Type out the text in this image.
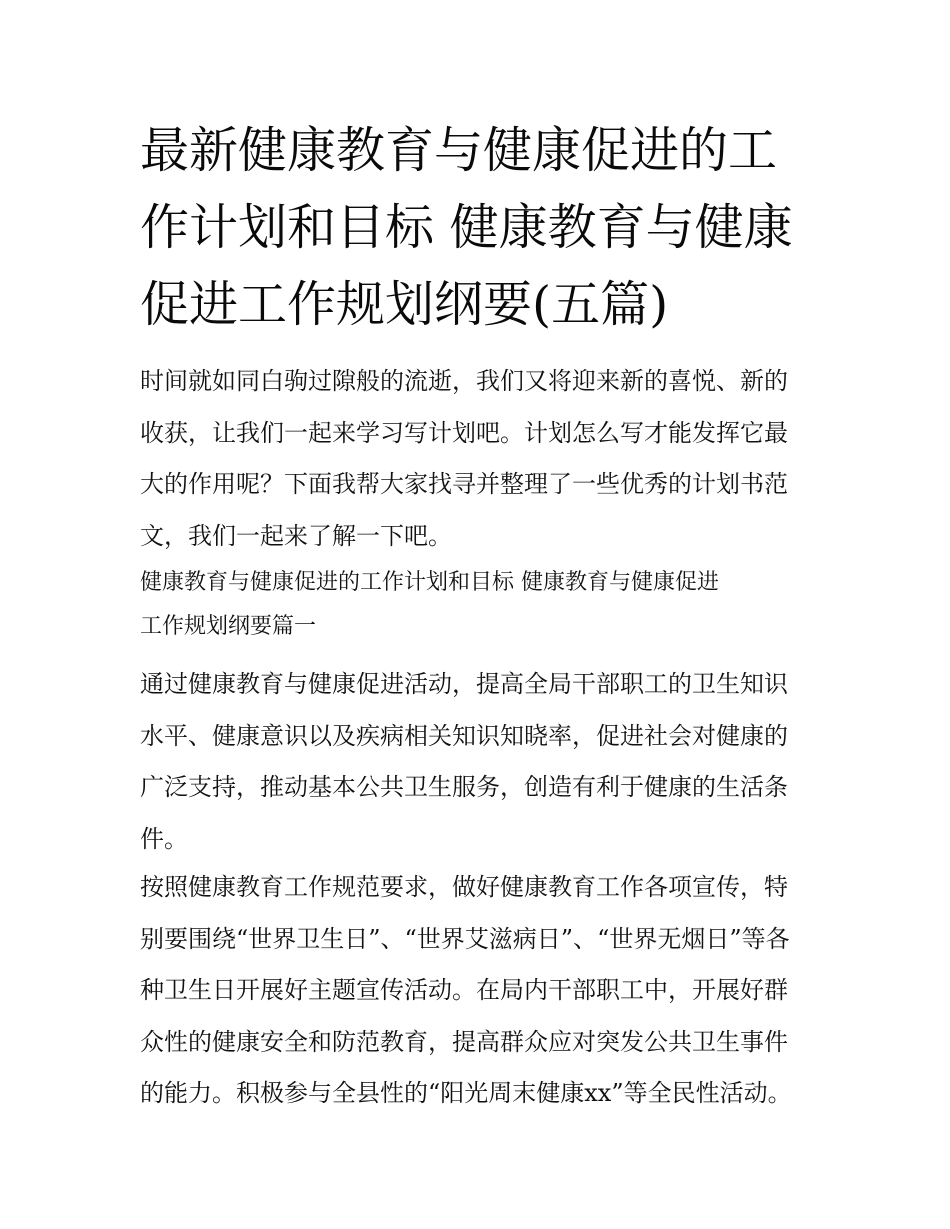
最新健康教育与健康促进的工
作计划和目标 健康教育与健康
促进工作规划纲要(五篇)

时间就如同白驹过隙般的流逝，我们又将迎来新的喜悦、新的
收获，让我们一起来学习写计划吧。计划怎么写才能发挥它最
大的作用呢？下面我帮大家找寻并整理了一些优秀的计划书范
文，我们一起来了解一下吧。

健康教育与健康促进的工作计划和目标 健康教育与健康促进
工作规划纲要篇一

通过健康教育与健康促进活动，提高全局干部职工的卫生知识
水平、健康意识以及疾病相关知识知晓率，促进社会对健康的
广泛支持，推动基本公共卫生服务，创造有利于健康的生活条
件。

按照健康教育工作规范要求，做好健康教育工作各项宣传，特
别要围绕“世界卫生日”、“世界艾滋病日”、“世界无烟日”等各
种卫生日开展好主题宣传活动。在局内干部职工中，开展好群
众性的健康安全和防范教育，提高群众应对突发公共卫生事件
的能力。积极参与全县性的“阳光周末健康xx”等全民性活动。
